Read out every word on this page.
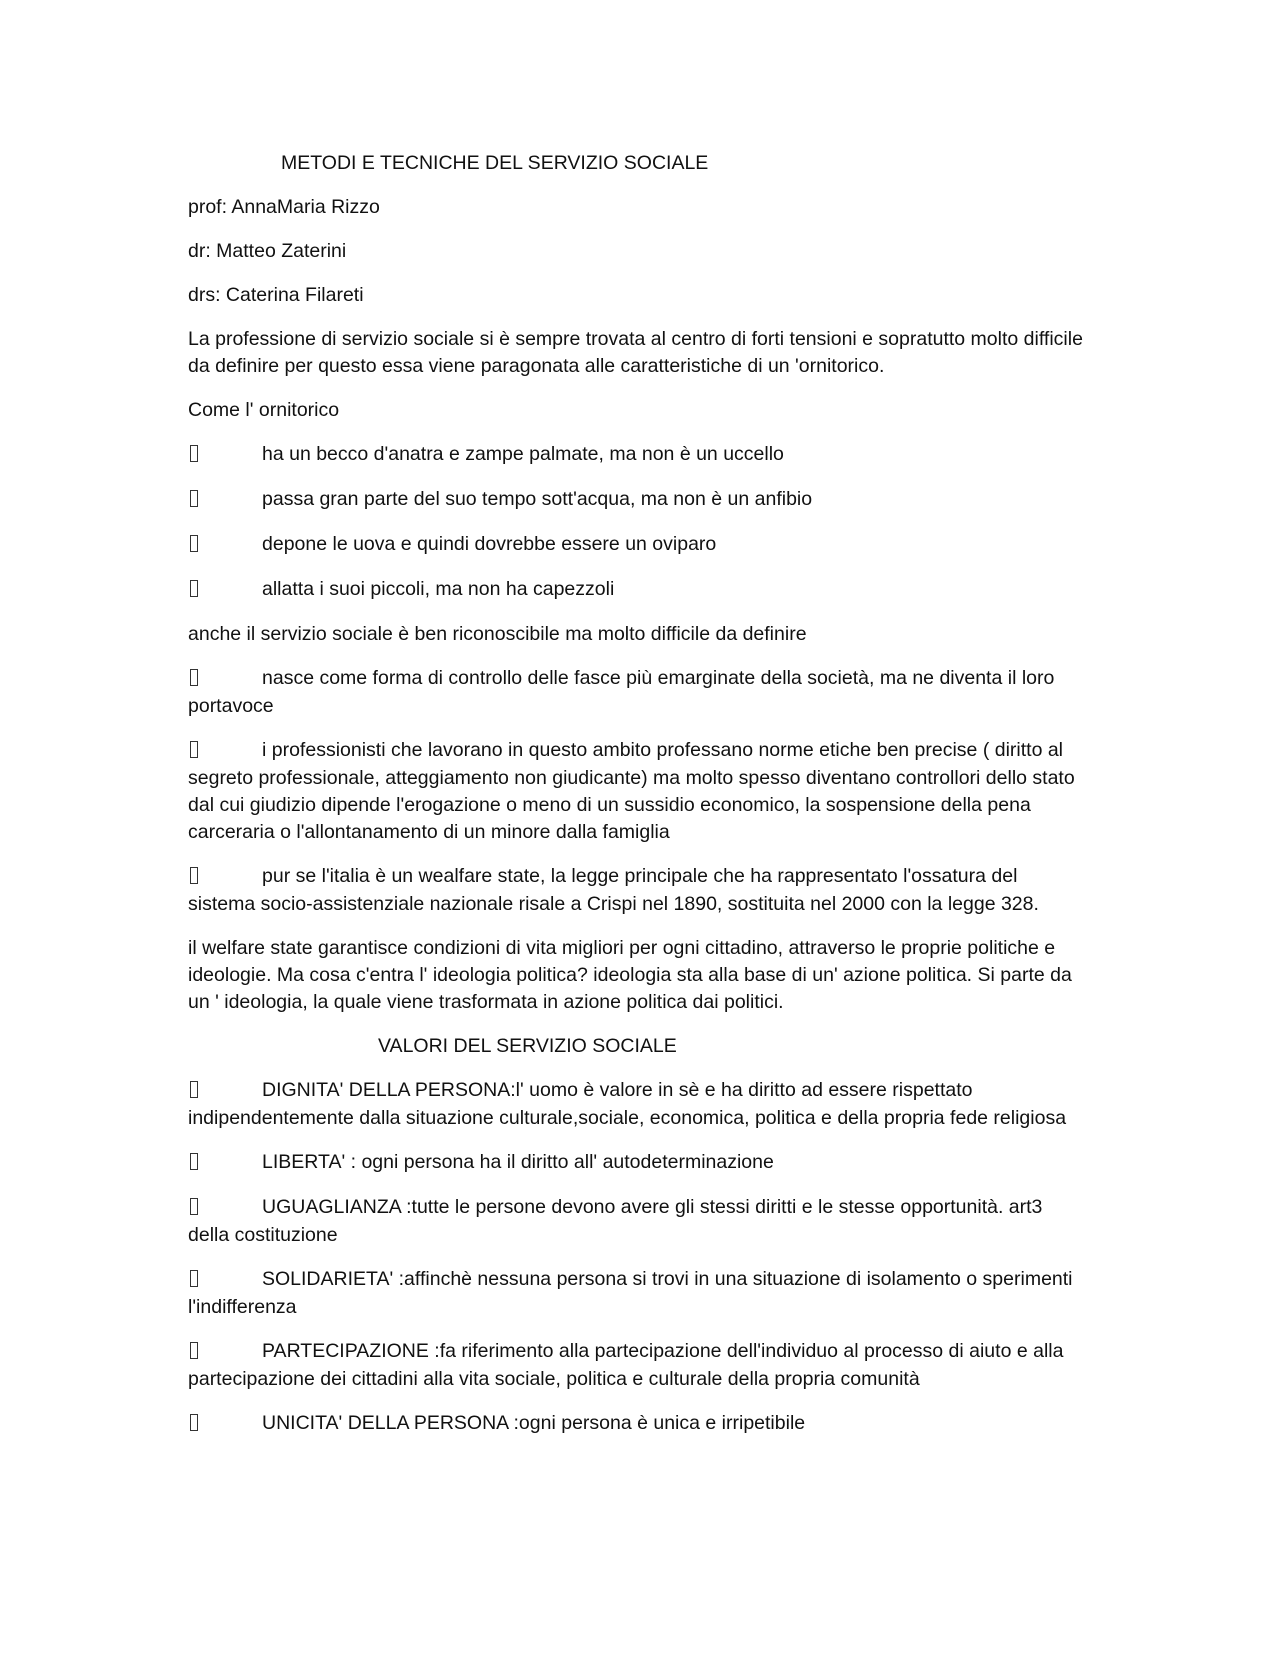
METODI E TECNICHE DEL SERVIZIO SOCIALE

prof: AnnaMaria Rizzo

dr: Matteo Zaterini

drs: Caterina Filareti

La professione di servizio sociale si è sempre trovata al centro di forti tensioni e sopratutto molto difficile da definire per questo essa viene paragonata alle caratteristiche di un 'ornitorico.

Come l' ornitorico

ha un becco d'anatra e zampe palmate, ma non è un uccello

passa gran parte del suo tempo sott'acqua, ma non è un anfibio

depone le uova e quindi dovrebbe essere un oviparo

allatta i suoi piccoli, ma non ha capezzoli

anche il servizio sociale è ben riconoscibile ma molto difficile da definire

nasce come forma di controllo delle fasce più emarginate della società, ma ne diventa il loro portavoce

i professionisti che lavorano in questo ambito professano norme etiche ben precise ( diritto al segreto professionale, atteggiamento non giudicante) ma molto spesso diventano controllori dello stato dal cui giudizio dipende l'erogazione o meno di un sussidio economico, la sospensione della pena carceraria o l'allontanamento di un minore dalla famiglia

pur se l'italia è un wealfare state, la legge principale che ha rappresentato l'ossatura del sistema socio-assistenziale nazionale risale a Crispi nel 1890, sostituita nel 2000 con la legge 328.

il welfare state garantisce condizioni di vita migliori per ogni cittadino, attraverso le proprie politiche e ideologie. Ma cosa c'entra l' ideologia politica? ideologia sta alla base di un' azione politica. Si parte da un ' ideologia, la quale viene trasformata in azione politica dai politici.

VALORI DEL SERVIZIO SOCIALE

DIGNITA' DELLA PERSONA:l' uomo è valore in sè e ha diritto ad essere rispettato indipendentemente dalla situazione culturale,sociale, economica, politica e della propria fede religiosa

LIBERTA' : ogni persona ha il diritto all' autodeterminazione

UGUAGLIANZA :tutte le persone devono avere gli stessi diritti e le stesse opportunità. art3 della costituzione

SOLIDARIETA' :affinchè nessuna persona si trovi in una situazione di isolamento o sperimenti l'indifferenza

PARTECIPAZIONE :fa riferimento alla partecipazione dell'individuo al processo di aiuto e alla partecipazione dei cittadini alla vita sociale, politica e culturale della propria comunità

UNICITA' DELLA PERSONA :ogni persona è unica e irripetibile
